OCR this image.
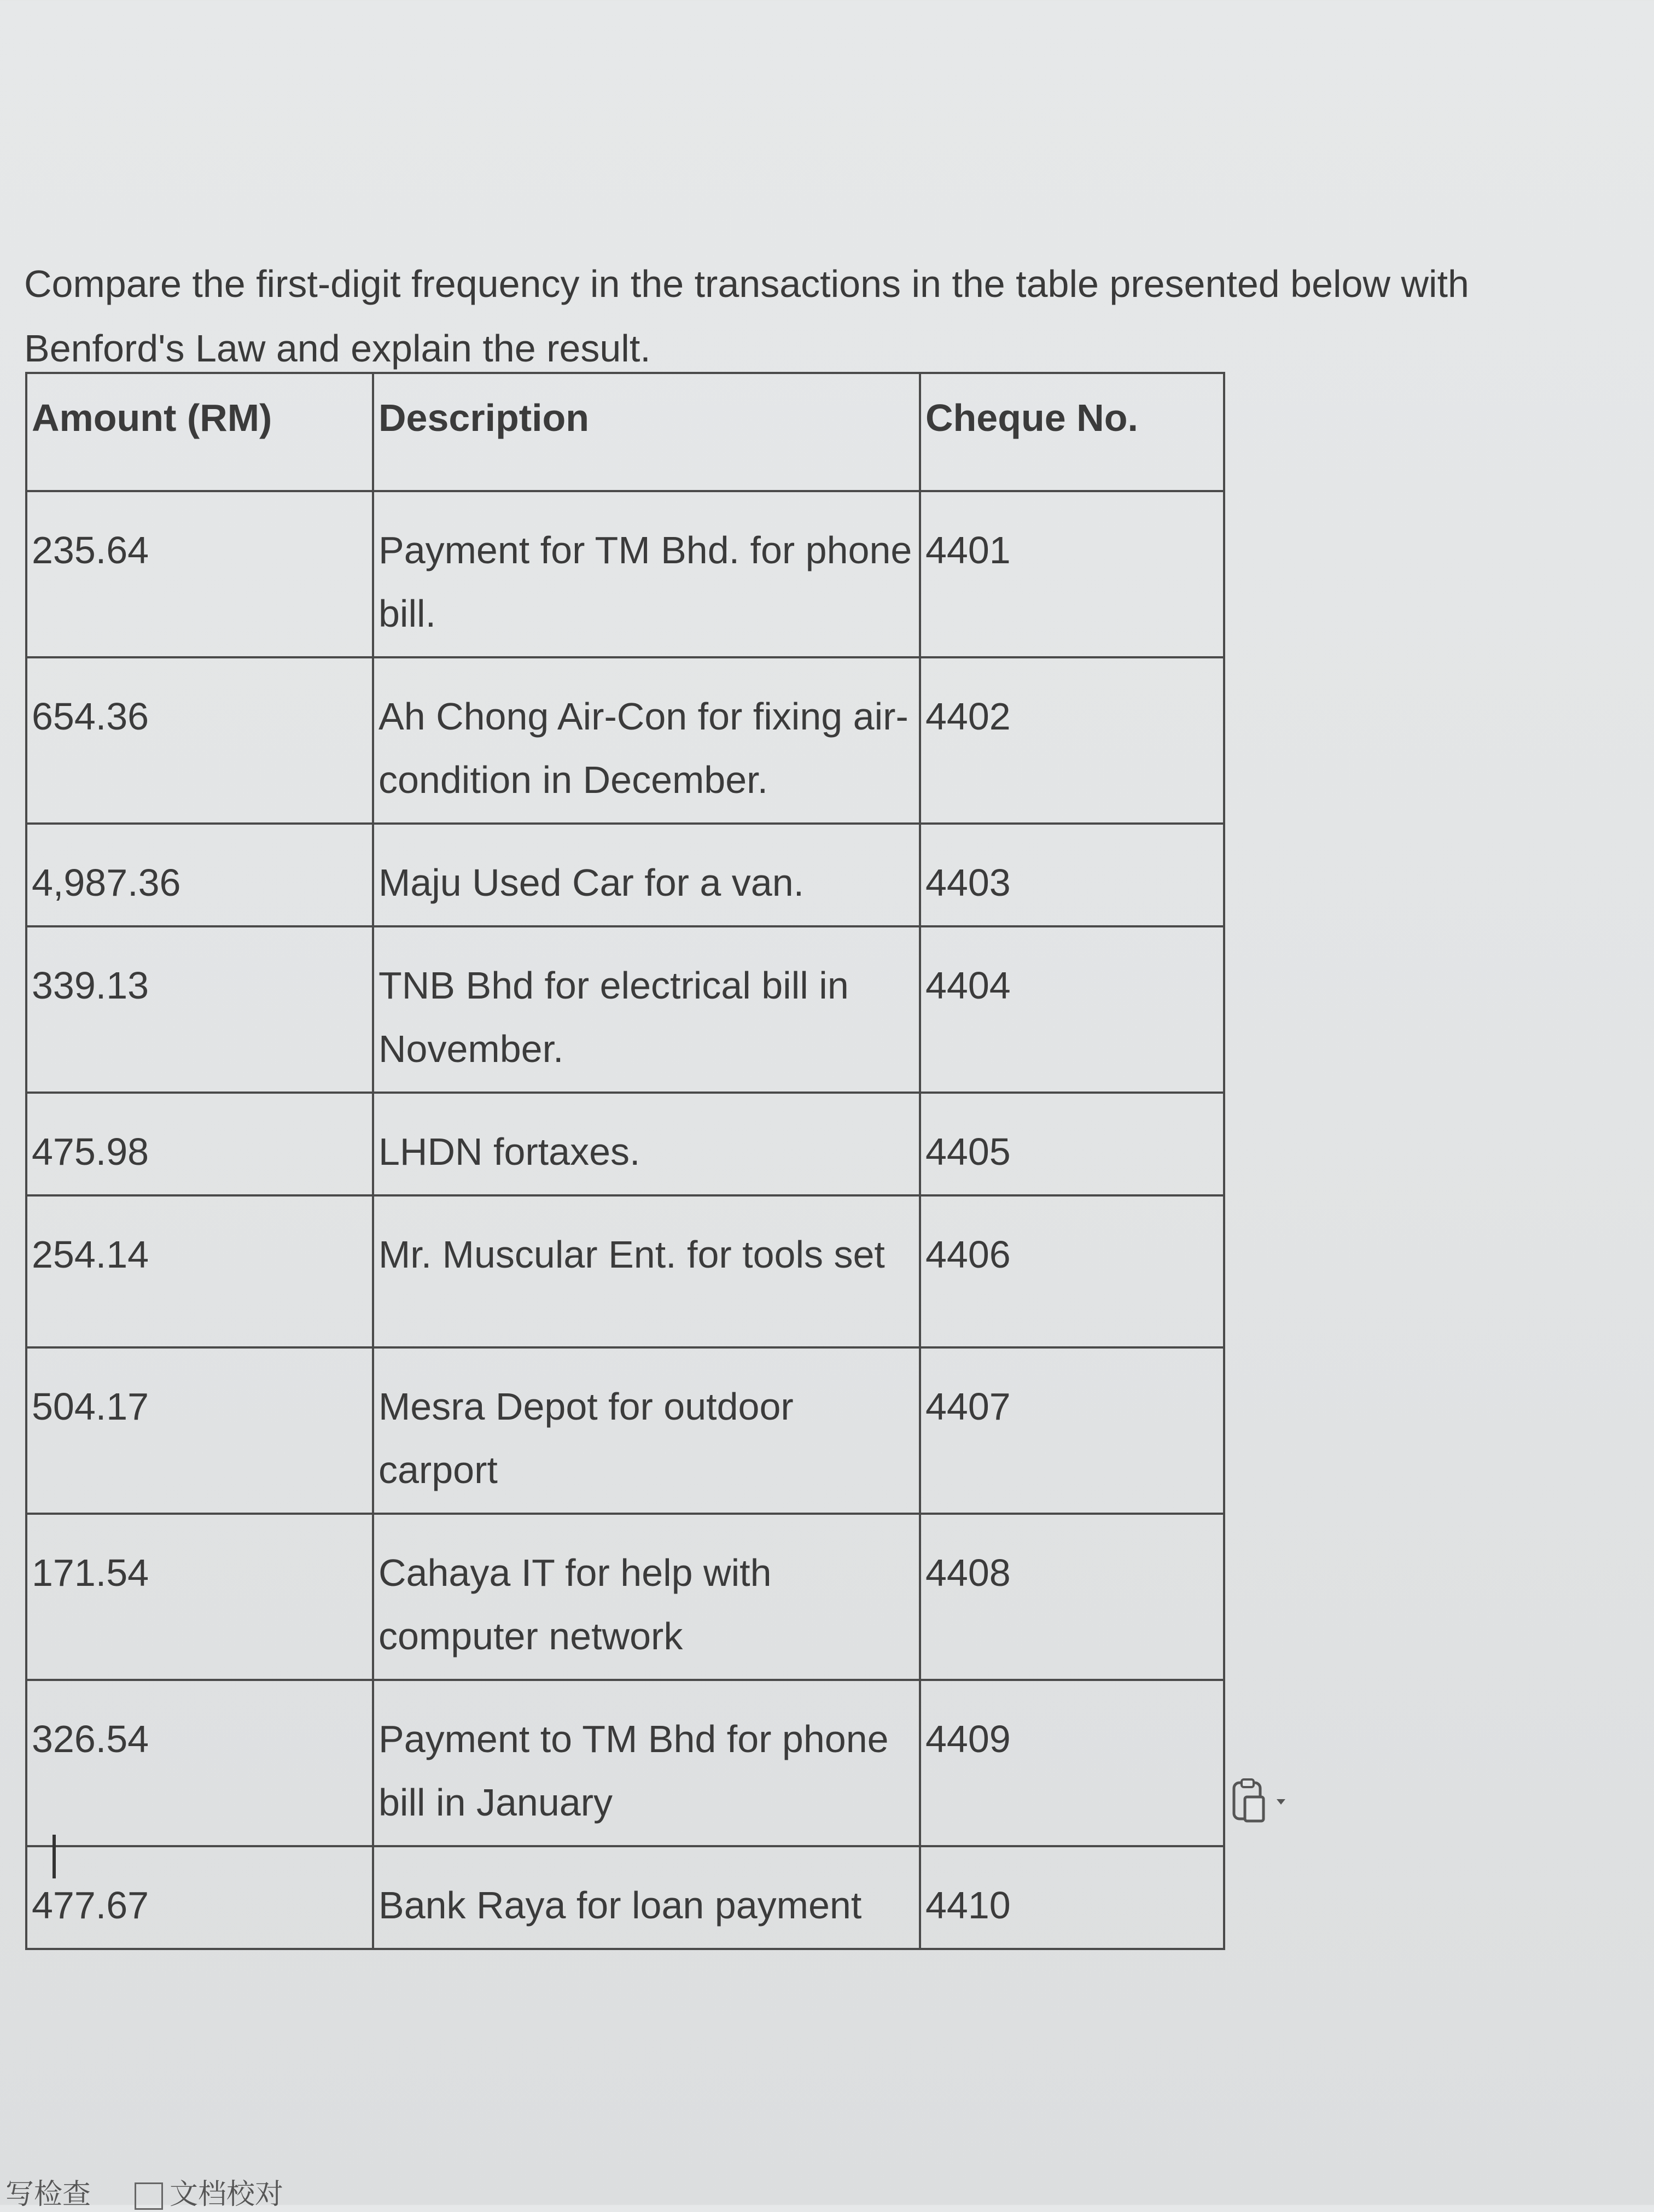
Compare the first-digit frequency in the transactions in the table presented below with
Benford's Law and explain the result.
Amount (RM)	Description	Cheque No.
235.64	Payment for TM Bhd. for phone bill.	4401
654.36	Ah Chong Air-Con for fixing air-condition in December.	4402
4,987.36	Maju Used Car for a van.	4403
339.13	TNB Bhd for electrical bill in November.	4404
475.98	LHDN fortaxes.	4405
254.14	Mr. Muscular Ent. for tools set	4406
504.17	Mesra Depot for outdoor carport	4407
171.54	Cahaya IT for help with computer network	4408
326.54	Payment to TM Bhd for phone bill in January	4409
477.67	Bank Raya for loan payment	4410
写检查	文档校对
